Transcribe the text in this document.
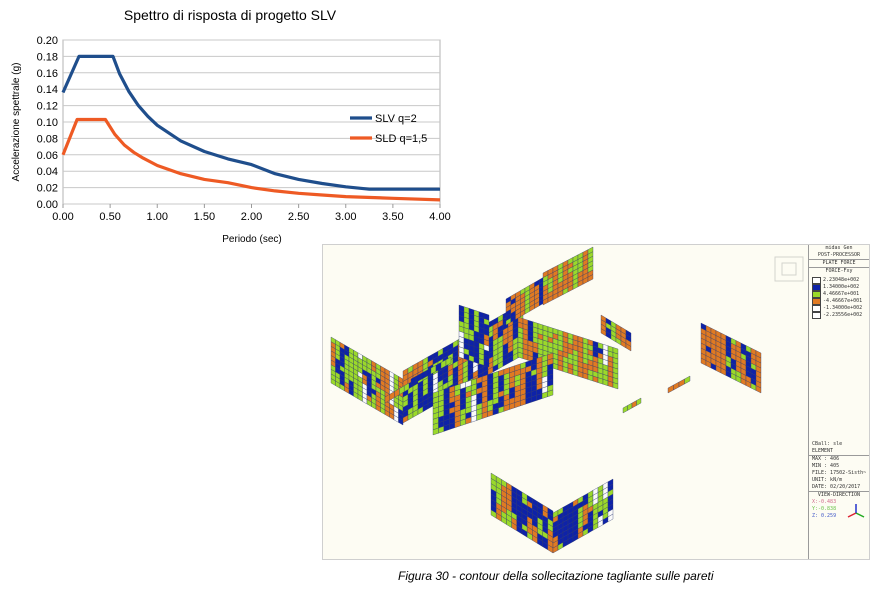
Spettro di risposta di progetto SLV
0.00
0.02
0.04
0.06
0.08
0.10
0.12
0.14
0.16
0.18
0.20
0.00 0.50 1.00 1.50 2.00 2.50 3.00 3.50 4.00
Periodo (sec)
Accelerazione spettrale (g)	SLV q=2
SLD q=1,5
midas Gen
POST-PROCESSOR
PLATE FORCE
FORCE-Fxy
2.23048e+002
1.34000e+002
4.46667e+001
-4.46667e+001
-1.34000e+002
-2.23556e+002
CBall: sle
ELEMENT
MAX : 406
MIN : 405
FILE: 17502-Sisth~
UNIT: kN/m
DATE: 02/20/2017
VIEW-DIRECTION
X:-0.483
Y:-0.838
Z: 0.259
Figura 30 - contour della sollecitazione tagliante sulle pareti
